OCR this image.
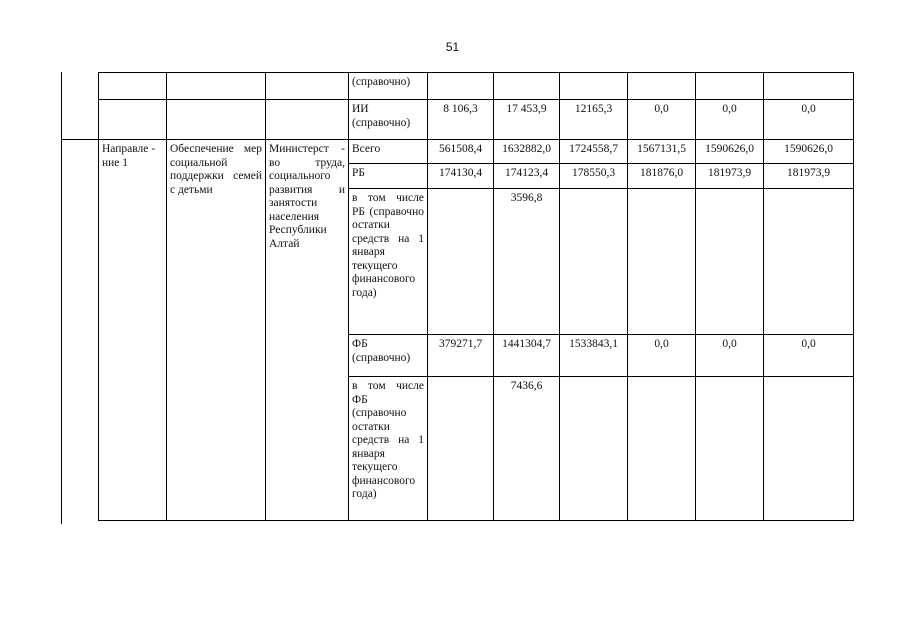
51
			(справочно)						
			ИИ (справочно)	8 106,3	17 453,9	12165,3	0,0	0,0	0,0
Направле - ние 1	Обеспечение мер социальной поддержки семей с детьми	Министерст - во труда, социального развития и занятости населения Республики Алтай	Всего	561508,4	1632882,0	1724558,7	1567131,5	1590626,0	1590626,0
			РБ	174130,4	174123,4	178550,3	181876,0	181973,9	181973,9
			в том числе РБ (справочно остатки средств на 1 января текущего финансового года)		3596,8				
			ФБ (справочно)	379271,7	1441304,7	1533843,1	0,0	0,0	0,0
			в том числе ФБ (справочно остатки средств на 1 января текущего финансового года)		7436,6				
